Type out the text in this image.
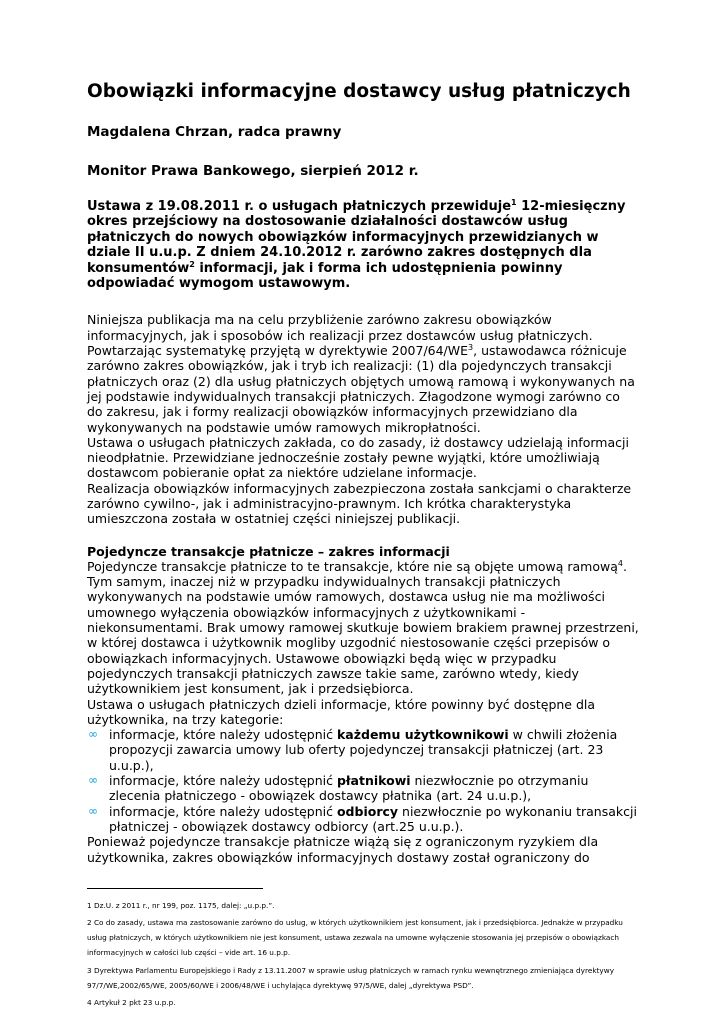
Obowiązki informacyjne dostawcy usług płatniczych
Magdalena Chrzan, radca prawny
Monitor Prawa Bankowego, sierpień 2012 r.

Ustawa z 19.08.2011 r. o usługach płatniczych przewiduje$^1$ 12-miesięczny okres przejściowy na dostosowanie działalności dostawców usług płatniczych do nowych obowiązków informacyjnych przewidzianych w dziale II u.u.p. Z dniem 24.10.2012 r. zarówno zakres dostępnych dla konsumentów$^2$ informacji, jak i forma ich udostępnienia powinny odpowiadać wymogom ustawowym.

Niniejsza publikacja ma na celu przybliżenie zarówno zakresu obowiązków informacyjnych, jak i sposobów ich realizacji przez dostawców usług płatniczych. Powtarzając systematykę przyjętą w dyrektywie $2007/64/WE^3$, ustawodawca różnicuje zarówno zakres obowiązków, jak i tryb ich realizacji: (1) dla pojedynczych transakcji płatniczych oraz (2) dla usług płatniczych objętych umową ramową i wykonywanych na jej podstawie indywidualnych transakcji płatniczych. Złagodzone wymogi zarówno co do zakresu, jak i formy realizacji obowiązków informacyjnych przewidziano dla wykonywanych na podstawie umów ramowych mikropłatności.

Ustawa o usługach płatniczych zakłada, co do zasady, iż dostawcy udzielają informacji nieodpłatnie. Przewidziane jednocześnie zostały pewne wyjątki, które umożliwiają dostawcom pobieranie opłat za niektóre udzielane informacje.

Realizacja obowiązków informacyjnych zabezpieczona została sankcjami o charakterze zarówno cywilno-, jak i administracyjno-prawnym. Ich krótka charakterystyka umieszczona została w ostatniej części niniejszej publikacji.

Pojedyncze transakcje płatnicze – zakres informacji

Pojedyncze transakcje płatnicze to te transakcje, które nie są objęte umową ramową$^4$. Tym samym, inaczej niż w przypadku indywidualnych transakcji płatniczych wykonywanych na podstawie umów ramowych, dostawca usług nie ma możliwości umownego wyłączenia obowiązków informacyjnych z użytkownikami - niekonsumentami. Brak umowy ramowej skutkuje bowiem brakiem prawnej przestrzeni, w której dostawca i użytkownik mogliby uzgodnić niestosowanie części przepisów o obowiązkach informacyjnych. Ustawowe obowiązki będą więc w przypadku pojedynczych transakcji płatniczych zawsze takie same, zarówno wtedy, kiedy użytkownikiem jest konsument, jak i przedsiębiorca.

Ustawa o usługach płatniczych dzieli informacje, które powinny być dostępne dla użytkownika, na trzy kategorie:

∞ informacje, które należy udostępnić każdemu użytkownikowi w chwili złożenia propozycji zawarcia umowy lub oferty pojedynczej transakcji płatniczej (art. 23 u.u.p.),
∞ informacje, które należy udostępnić płatnikowi niezwłocznie po otrzymaniu zlecenia płatniczego - obowiązek dostawcy płatnika (art. 24 u.u.p.),
∞ informacje, które należy udostępnić odbiorcy niezwłocznie po wykonaniu transakcji płatniczej - obowiązek dostawcy odbiorcy (art.25 u.u.p.).

Ponieważ pojedyncze transakcje płatnicze wiążą się z ograniczonym ryzykiem dla użytkownika, zakres obowiązków informacyjnych dostawy został ograniczony do

1 Dz.U. z 2011 r., nr 199, poz. 1175, dalej: „u.p.p.”.

2 Co do zasady, ustawa ma zastosowanie zarówno do usług, w których użytkownikiem jest konsument, jak i przedsiębiorca. Jednakże w przypadku usług płatniczych, w których użytkownikiem nie jest konsument, ustawa zezwala na umowne wyłączenie stosowania jej przepisów o obowiązkach informacyjnych w całości lub części – vide art. 16 u.p.p.

3 Dyrektywa Parlamentu Europejskiego i Rady z 13.11.2007 w sprawie usług płatniczych w ramach rynku wewnętrznego zmieniająca dyrektywy 97/7/WE,2002/65/WE, 2005/60/WE i 2006/48/WE i uchylająca dyrektywę 97/5/WE, dalej „dyrektywa PSD”.

4 Artykuł 2 pkt 23 u.p.p.
